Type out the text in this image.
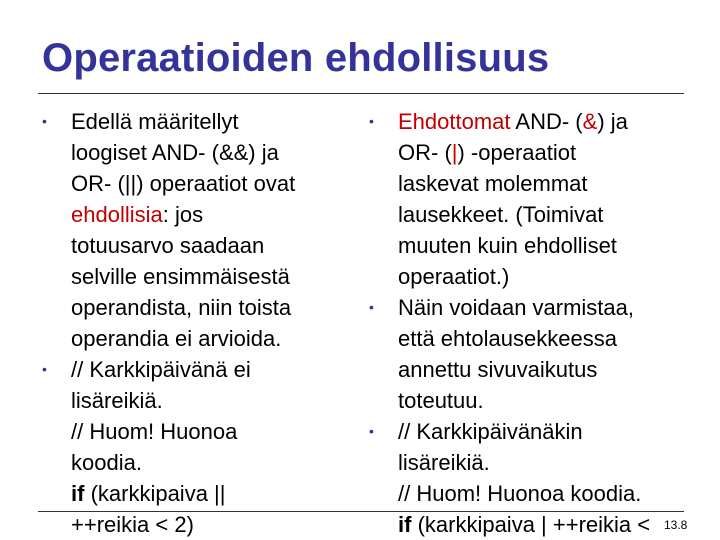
Operaatioiden ehdollisuus
• Edellä määritellyt
loogiset AND- (&&) ja
OR- (||) operaatiot ovat
ehdollisia: jos
totuusarvo saadaan
selville ensimmäisestä
operandista, niin toista
operandia ei arvioida.
• // Karkkipäivänä ei
lisäreikiä.
// Huom! Huonoa
koodia.
if (karkkipaiva ||
++reikia < 2)
• Ehdottomat AND- (&) ja
OR- (|) -operaatiot
laskevat molemmat
lausekkeet. (Toimivat
muuten kuin ehdolliset
operaatiot.)
• Näin voidaan varmistaa,
että ehtolausekkeessa
annettu sivuvaikutus
toteutuu.
• // Karkkipäivänäkin
lisäreikiä.
// Huom! Huonoa koodia.
if (karkkipaiva | ++reikia <	13.8
